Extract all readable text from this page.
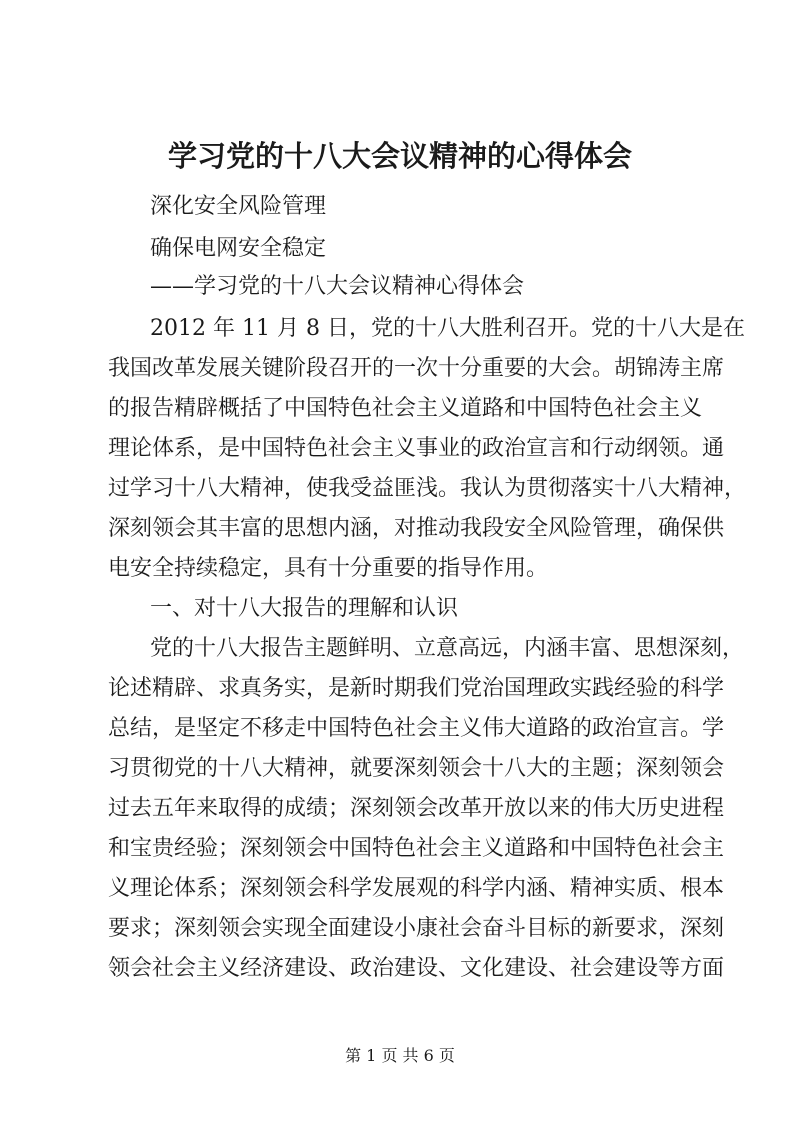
学习党的十八大会议精神的心得体会
深化安全风险管理
确保电网安全稳定
——学习党的十八大会议精神心得体会
2012 年 11 月 8 日，党的十八大胜利召开。党的十八大是在
我国改革发展关键阶段召开的一次十分重要的大会。胡锦涛主席
的报告精辟概括了中国特色社会主义道路和中国特色社会主义
理论体系，是中国特色社会主义事业的政治宣言和行动纲领。通
过学习十八大精神，使我受益匪浅。我认为贯彻落实十八大精神，
深刻领会其丰富的思想内涵，对推动我段安全风险管理，确保供
电安全持续稳定，具有十分重要的指导作用。
一、对十八大报告的理解和认识
党的十八大报告主题鲜明、立意高远，内涵丰富、思想深刻，
论述精辟、求真务实，是新时期我们党治国理政实践经验的科学
总结，是坚定不移走中国特色社会主义伟大道路的政治宣言。学
习贯彻党的十八大精神，就要深刻领会十八大的主题；深刻领会
过去五年来取得的成绩；深刻领会改革开放以来的伟大历史进程
和宝贵经验；深刻领会中国特色社会主义道路和中国特色社会主
义理论体系；深刻领会科学发展观的科学内涵、精神实质、根本
要求；深刻领会实现全面建设小康社会奋斗目标的新要求，深刻
领会社会主义经济建设、政治建设、文化建设、社会建设等方面
第 1 页 共 6 页
